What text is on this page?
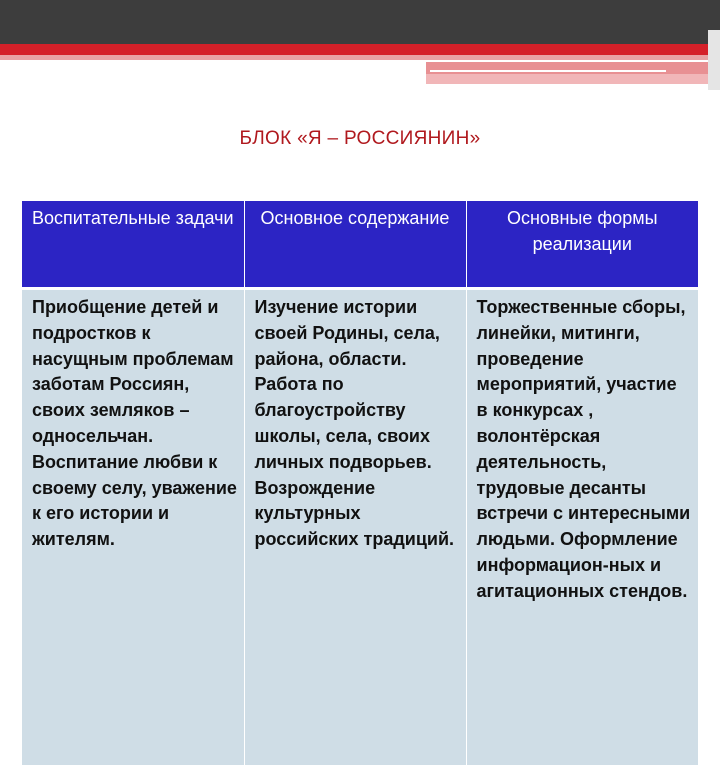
БЛОК «Я – РОССИЯНИН»
Воспитательные задачи	Основное содержание	Основные формы реализации
Приобщение детей и подростков к насущным проблемам заботам Россиян, своих земляков – односельчан. Воспитание любви к своему селу, уважение к его истории и жителям.	Изучение истории своей Родины, села, района, области. Работа по благоустройству школы, села, своих личных подворьев. Возрождение культурных российских традиций.	Торжественные сборы, линейки, митинги, проведение мероприятий, участие в конкурсах , волонтёрская деятельность, трудовые десанты встречи с интересными людьми. Оформление информацион-ных и агитационных стендов.
